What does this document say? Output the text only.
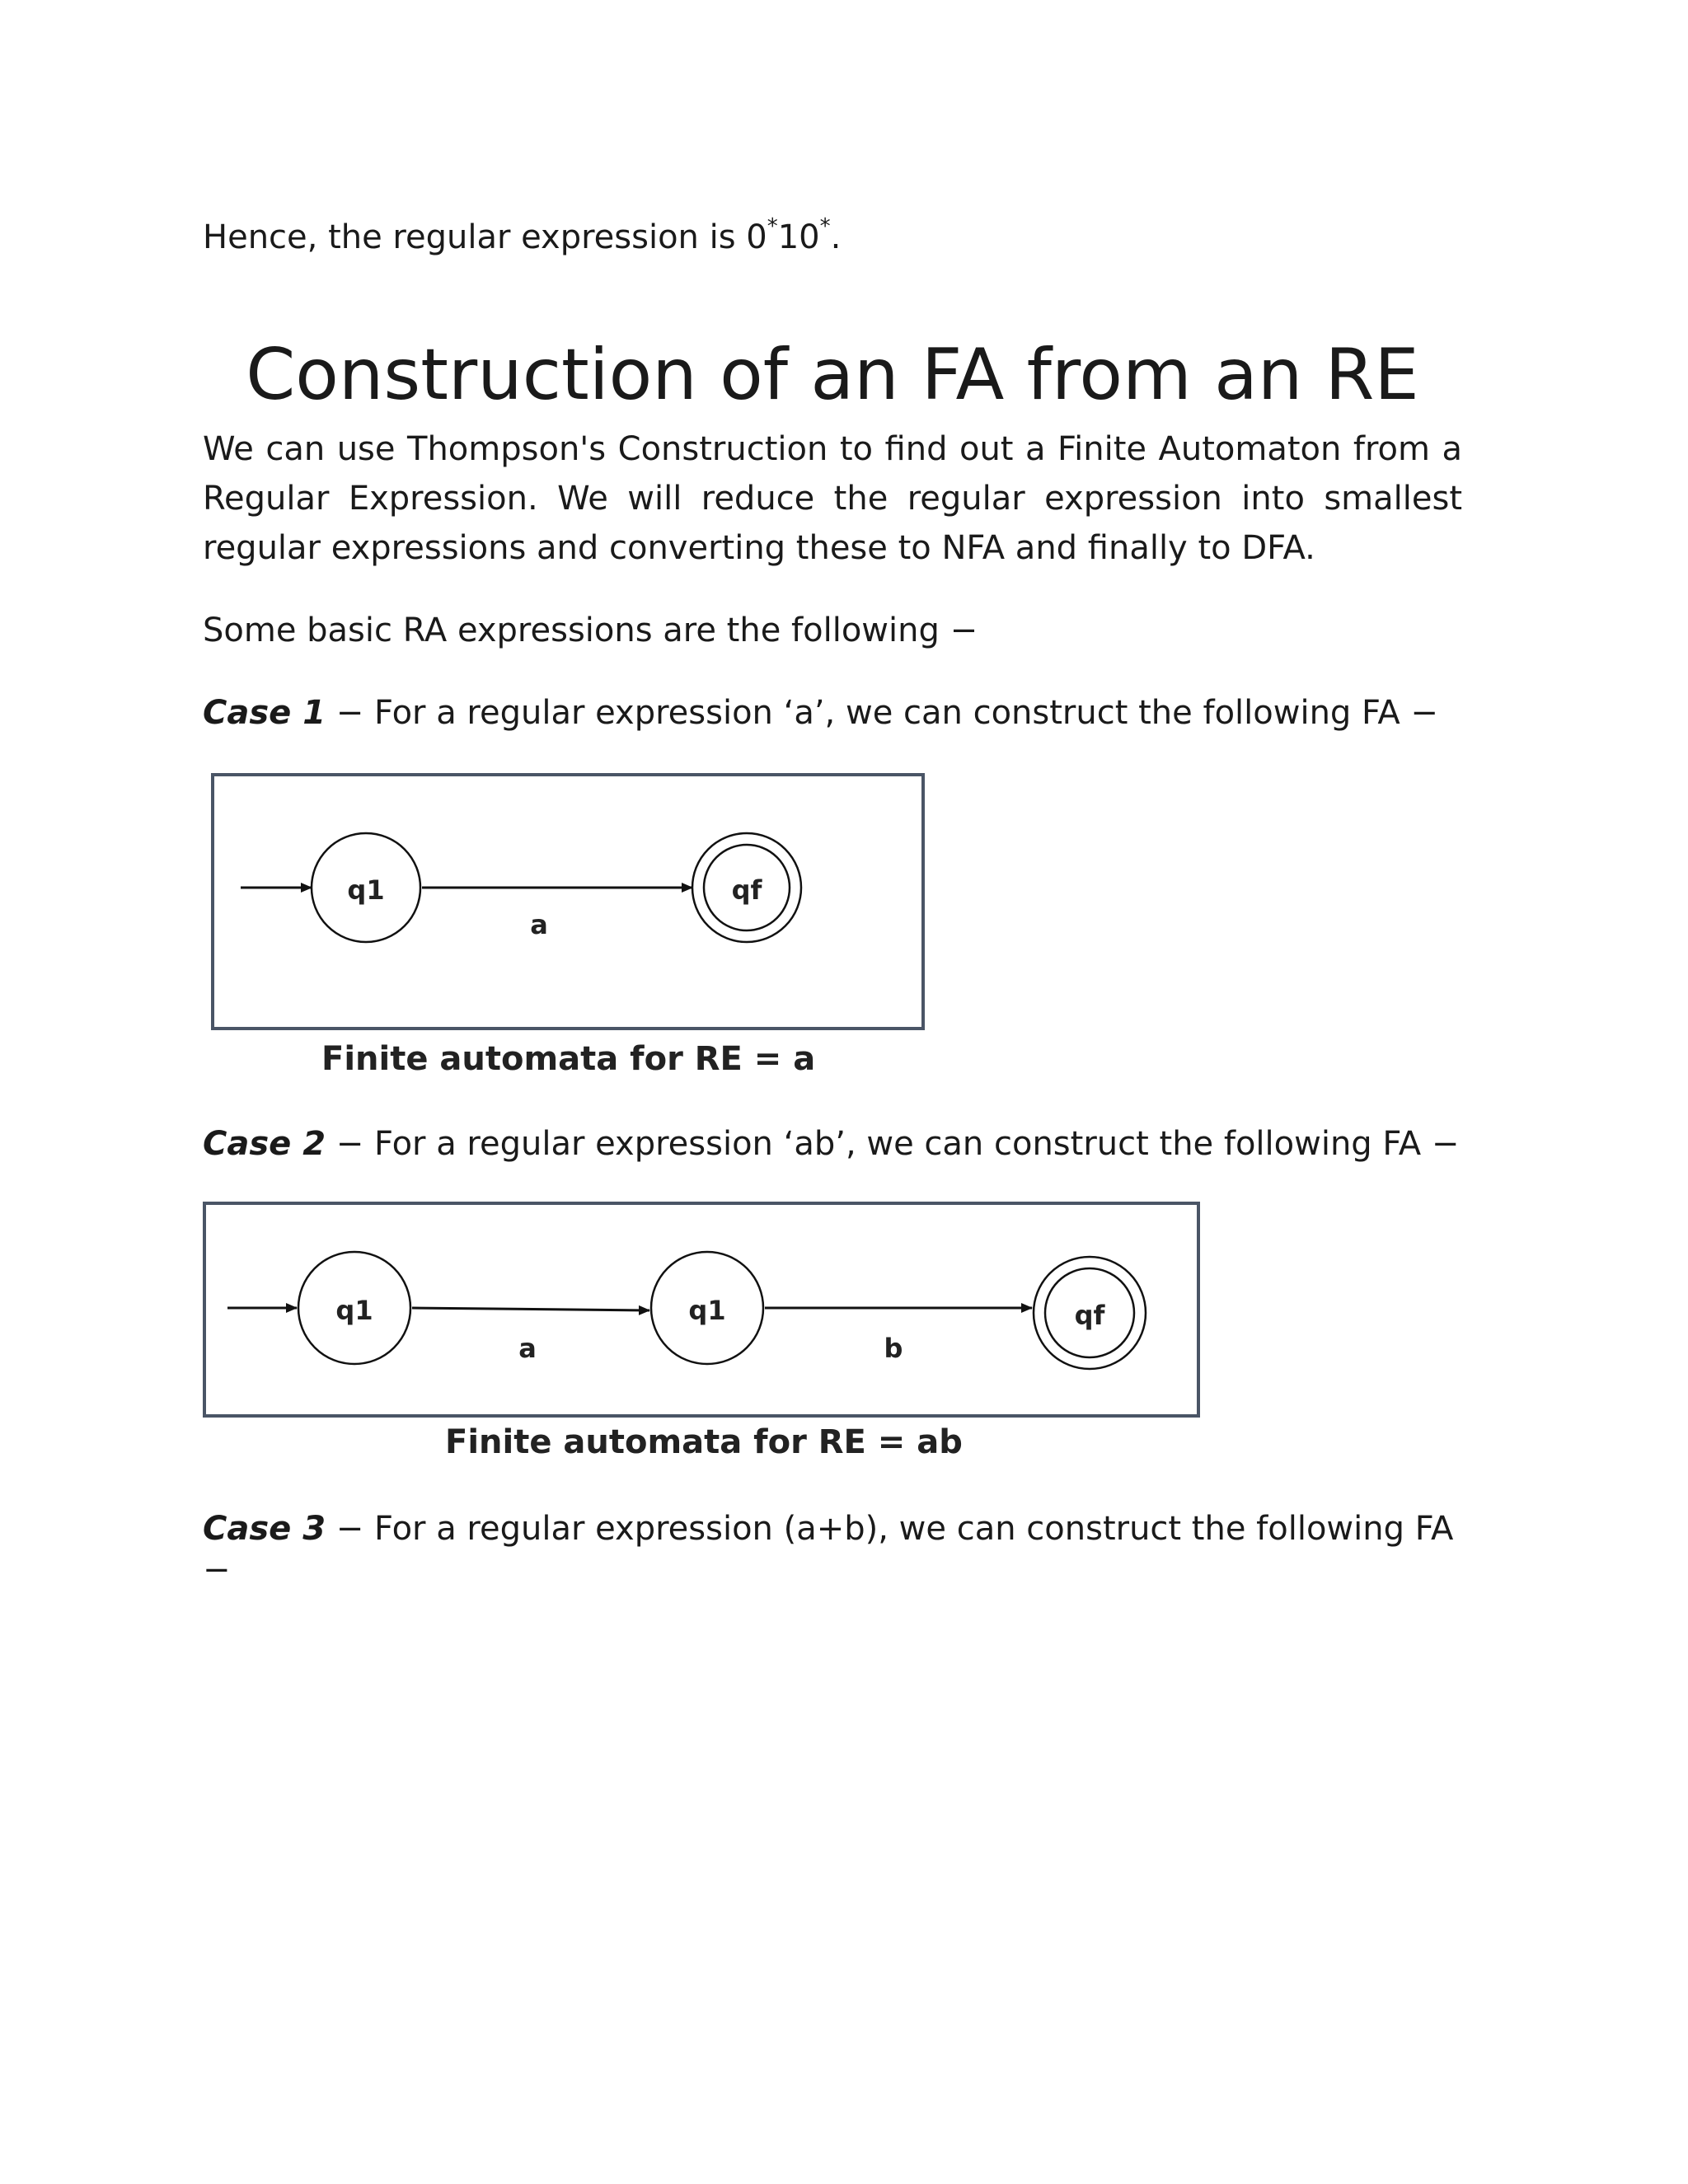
Hence, the regular expression is 0*10*.
Construction of an FA from an RE
We can use Thompson's Construction to find out a Finite Automaton from a Regular Expression. We will reduce the regular expression into smallest regular expressions and converting these to NFA and finally to DFA.
Some basic RA expressions are the following −
Case 1 − For a regular expression ‘a’, we can construct the following FA −
q1
a
qf
Finite automata for RE = a
Case 2 − For a regular expression ‘ab’, we can construct the following FA −
q1
a
q1
b
qf
Finite automata for RE = ab
Case 3 − For a regular expression (a+b), we can construct the following FA
−
